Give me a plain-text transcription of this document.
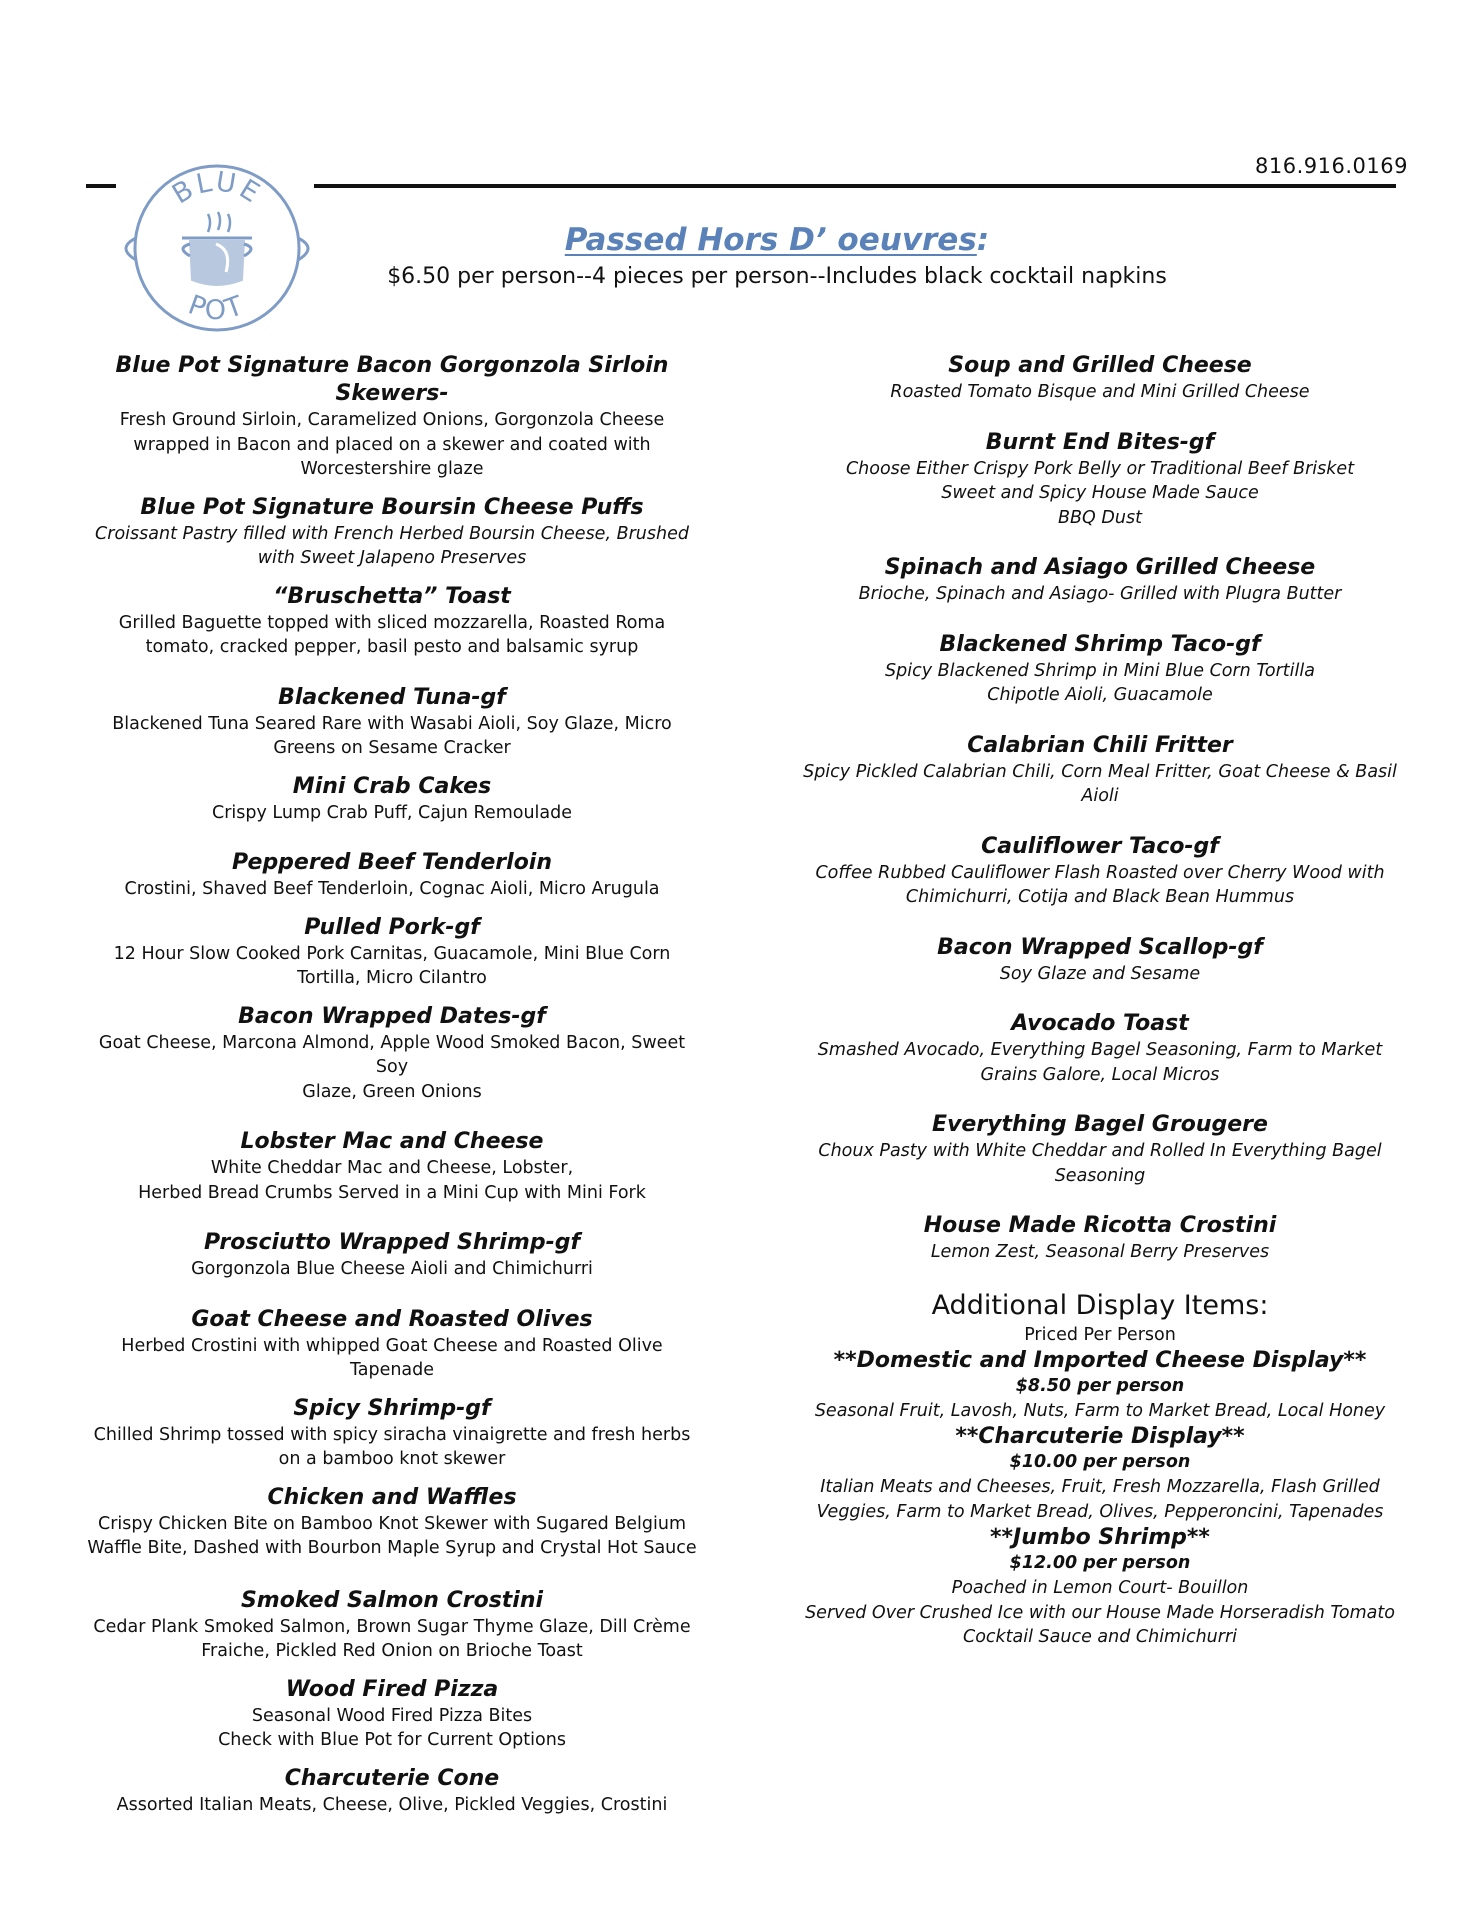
816.916.0169
BLUE
POT
Passed Hors D’ oeuvres:
$6.50 per person--4 pieces per person--Includes black cocktail napkins
Blue Pot Signature Bacon Gorgonzola Sirloin Skewers-
Fresh Ground Sirloin, Caramelized Onions, Gorgonzola Cheese
wrapped in Bacon and placed on a skewer and coated with
Worcestershire glaze
Blue Pot Signature Boursin Cheese Puffs
Croissant Pastry filled with French Herbed Boursin Cheese, Brushed
with Sweet Jalapeno Preserves
“Bruschetta” Toast
Grilled Baguette topped with sliced mozzarella, Roasted Roma
tomato, cracked pepper, basil pesto and balsamic syrup
Blackened Tuna-gf
Blackened Tuna Seared Rare with Wasabi Aioli, Soy Glaze, Micro
Greens on Sesame Cracker
Mini Crab Cakes
Crispy Lump Crab Puff, Cajun Remoulade
Peppered Beef Tenderloin
Crostini, Shaved Beef Tenderloin, Cognac Aioli, Micro Arugula
Pulled Pork-gf
12 Hour Slow Cooked Pork Carnitas, Guacamole, Mini Blue Corn
Tortilla, Micro Cilantro
Bacon Wrapped Dates-gf
Goat Cheese, Marcona Almond, Apple Wood Smoked Bacon, Sweet Soy
Glaze, Green Onions
Lobster Mac and Cheese
White Cheddar Mac and Cheese, Lobster,
Herbed Bread Crumbs Served in a Mini Cup with Mini Fork
Prosciutto Wrapped Shrimp-gf
Gorgonzola Blue Cheese Aioli and Chimichurri
Goat Cheese and Roasted Olives
Herbed Crostini with whipped Goat Cheese and Roasted Olive
Tapenade
Spicy Shrimp-gf
Chilled Shrimp tossed with spicy siracha vinaigrette and fresh herbs
on a bamboo knot skewer
Chicken and Waffles
Crispy Chicken Bite on Bamboo Knot Skewer with Sugared Belgium
Waffle Bite, Dashed with Bourbon Maple Syrup and Crystal Hot Sauce
Smoked Salmon Crostini
Cedar Plank Smoked Salmon, Brown Sugar Thyme Glaze, Dill Crème
Fraiche, Pickled Red Onion on Brioche Toast
Wood Fired Pizza
Seasonal Wood Fired Pizza Bites
Check with Blue Pot for Current Options
Charcuterie Cone
Assorted Italian Meats, Cheese, Olive, Pickled Veggies, Crostini
Soup and Grilled Cheese
Roasted Tomato Bisque and Mini Grilled Cheese
Burnt End Bites-gf
Choose Either Crispy Pork Belly or Traditional Beef Brisket
Sweet and Spicy House Made Sauce
BBQ Dust
Spinach and Asiago Grilled Cheese
Brioche, Spinach and Asiago- Grilled with Plugra Butter
Blackened Shrimp Taco-gf
Spicy Blackened Shrimp in Mini Blue Corn Tortilla
Chipotle Aioli, Guacamole
Calabrian Chili Fritter
Spicy Pickled Calabrian Chili, Corn Meal Fritter, Goat Cheese & Basil
Aioli
Cauliflower Taco-gf
Coffee Rubbed Cauliflower Flash Roasted over Cherry Wood with
Chimichurri, Cotija and Black Bean Hummus
Bacon Wrapped Scallop-gf
Soy Glaze and Sesame
Avocado Toast
Smashed Avocado, Everything Bagel Seasoning, Farm to Market
Grains Galore, Local Micros
Everything Bagel Grougere
Choux Pasty with White Cheddar and Rolled In Everything Bagel
Seasoning
House Made Ricotta Crostini
Lemon Zest, Seasonal Berry Preserves
Additional Display Items:
Priced Per Person
**Domestic and Imported Cheese Display**
$8.50 per person
Seasonal Fruit, Lavosh, Nuts, Farm to Market Bread, Local Honey
**Charcuterie Display**
$10.00 per person
Italian Meats and Cheeses, Fruit, Fresh Mozzarella, Flash Grilled
Veggies, Farm to Market Bread, Olives, Pepperoncini, Tapenades
**Jumbo Shrimp**
$12.00 per person
Poached in Lemon Court- Bouillon
Served Over Crushed Ice with our House Made Horseradish Tomato
Cocktail Sauce and Chimichurri
